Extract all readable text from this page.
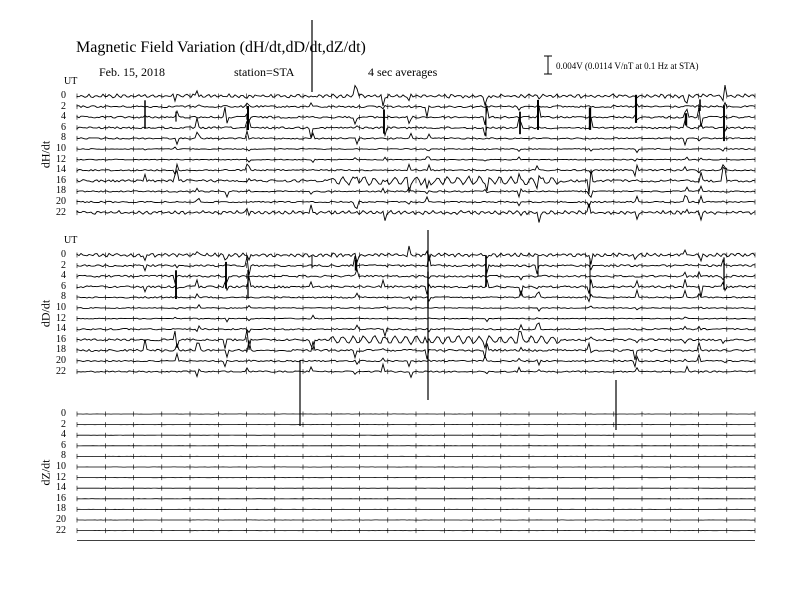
Magnetic Field Variation (dH/dt,dD/dt,dZ/dt)
Feb. 15, 2018	station=STA	4 sec averages	0.004V (0.0114 V/nT at 0.1 Hz at STA)
dH/dt
UT
0
2
4
6
8
10
12
14
16
18
20
22
dD/dt
UT
0
2
4
6
8
10
12
14
16
18
20
22
dZ/dt
0
2
4
6
8
10
12
14
16
18
20
22
